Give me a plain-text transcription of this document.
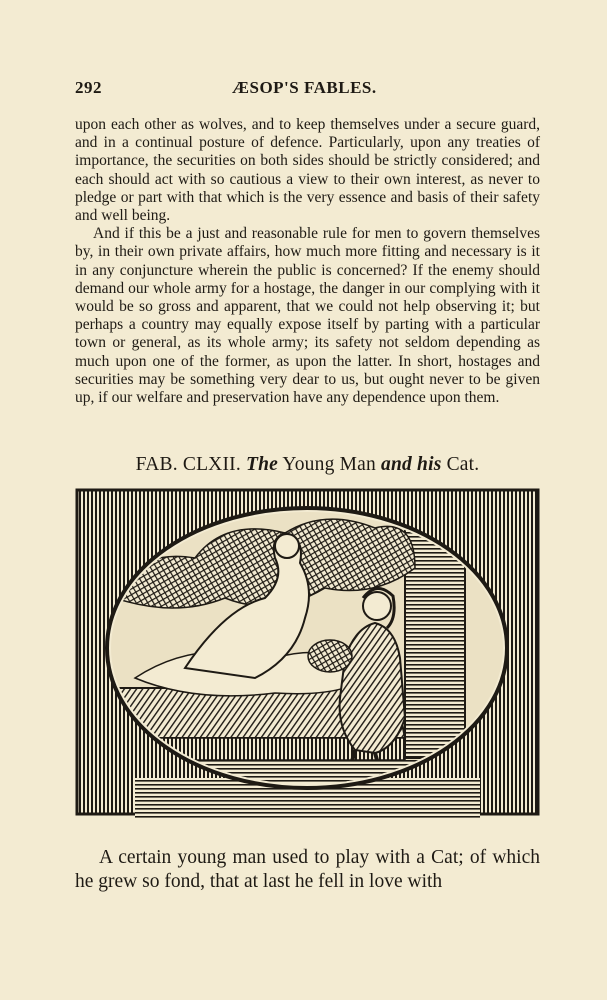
292	ÆSOP'S FABLES.

upon each other as wolves, and to keep themselves under a secure guard, and in a continual posture of defence. Particularly, upon any treaties of importance, the securities on both sides should be strictly considered; and each should act with so cautious a view to their own interest, as never to pledge or part with that which is the very essence and basis of their safety and well being.

And if this be a just and reasonable rule for men to govern themselves by, in their own private affairs, how much more fitting and necessary is it in any conjuncture wherein the public is concerned? If the enemy should demand our whole army for a hostage, the danger in our complying with it would be so gross and apparent, that we could not help observing it; but perhaps a country may equally expose itself by parting with a particular town or general, as its whole army; its safety not seldom depending as much upon one of the former, as upon the latter. In short, hostages and securities may be something very dear to us, but ought never to be given up, if our welfare and preservation have any dependence upon them.

FAB. CLXII. The Young Man and his Cat.

A certain young man used to play with a Cat; of which he grew so fond, that at last he fell in love with
